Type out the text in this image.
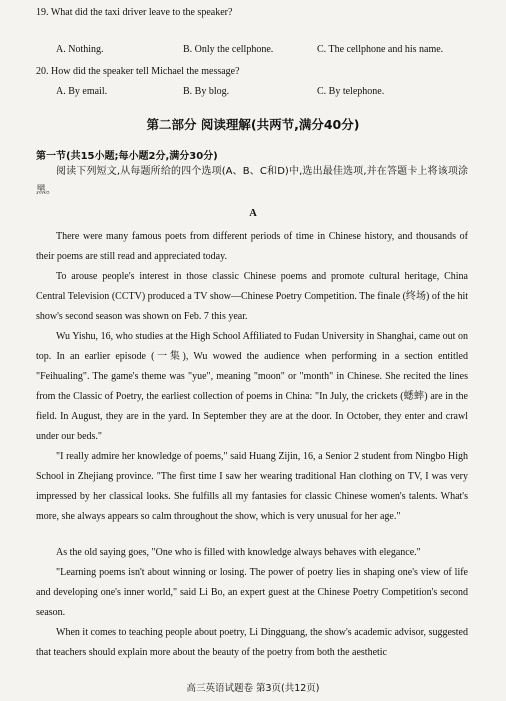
19. What did the taxi driver leave to the speaker?
A. Nothing.	B. Only the cellphone.	C. The cellphone and his name.
20. How did the speaker tell Michael the message?
A. By email.	B. By blog.	C. By telephone.
第二部分 阅读理解(共两节,满分40分)
第一节(共15小题;每小题2分,满分30分)
阅读下列短文,从每题所给的四个选项(A、B、C和D)中,选出最佳选项,并在答题卡上将该项涂黑。
A
There were many famous poets from different periods of time in Chinese history, and thousands of their poems are still read and appreciated today.
To arouse people's interest in those classic Chinese poems and promote cultural heritage, China Central Television (CCTV) produced a TV show—Chinese Poetry Competition. The finale (终场) of the hit show's second season was shown on Feb. 7 this year.
Wu Yishu, 16, who studies at the High School Affiliated to Fudan University in Shanghai, came out on top. In an earlier episode (一集), Wu wowed the audience when performing in a section entitled "Feihualing". The game's theme was "yue", meaning "moon" or "month" in Chinese. She recited the lines from the Classic of Poetry, the earliest collection of poems in China: "In July, the crickets (蟋蟀) are in the field. In August, they are in the yard. In September they are at the door. In October, they enter and crawl under our beds."
"I really admire her knowledge of poems," said Huang Zijin, 16, a Senior 2 student from Ningbo High School in Zhejiang province. "The first time I saw her wearing traditional Han clothing on TV, I was very impressed by her classical looks. She fulfills all my fantasies for classic Chinese women's talents. What's more, she always appears so calm throughout the show, which is very unusual for her age."
As the old saying goes, "One who is filled with knowledge always behaves with elegance."
"Learning poems isn't about winning or losing. The power of poetry lies in shaping one's view of life and developing one's inner world," said Li Bo, an expert guest at the Chinese Poetry Competition's second season.
When it comes to teaching people about poetry, Li Dingguang, the show's academic advisor, suggested that teachers should explain more about the beauty of the poetry from both the aesthetic
高三英语试题卷 第3页(共12页)
